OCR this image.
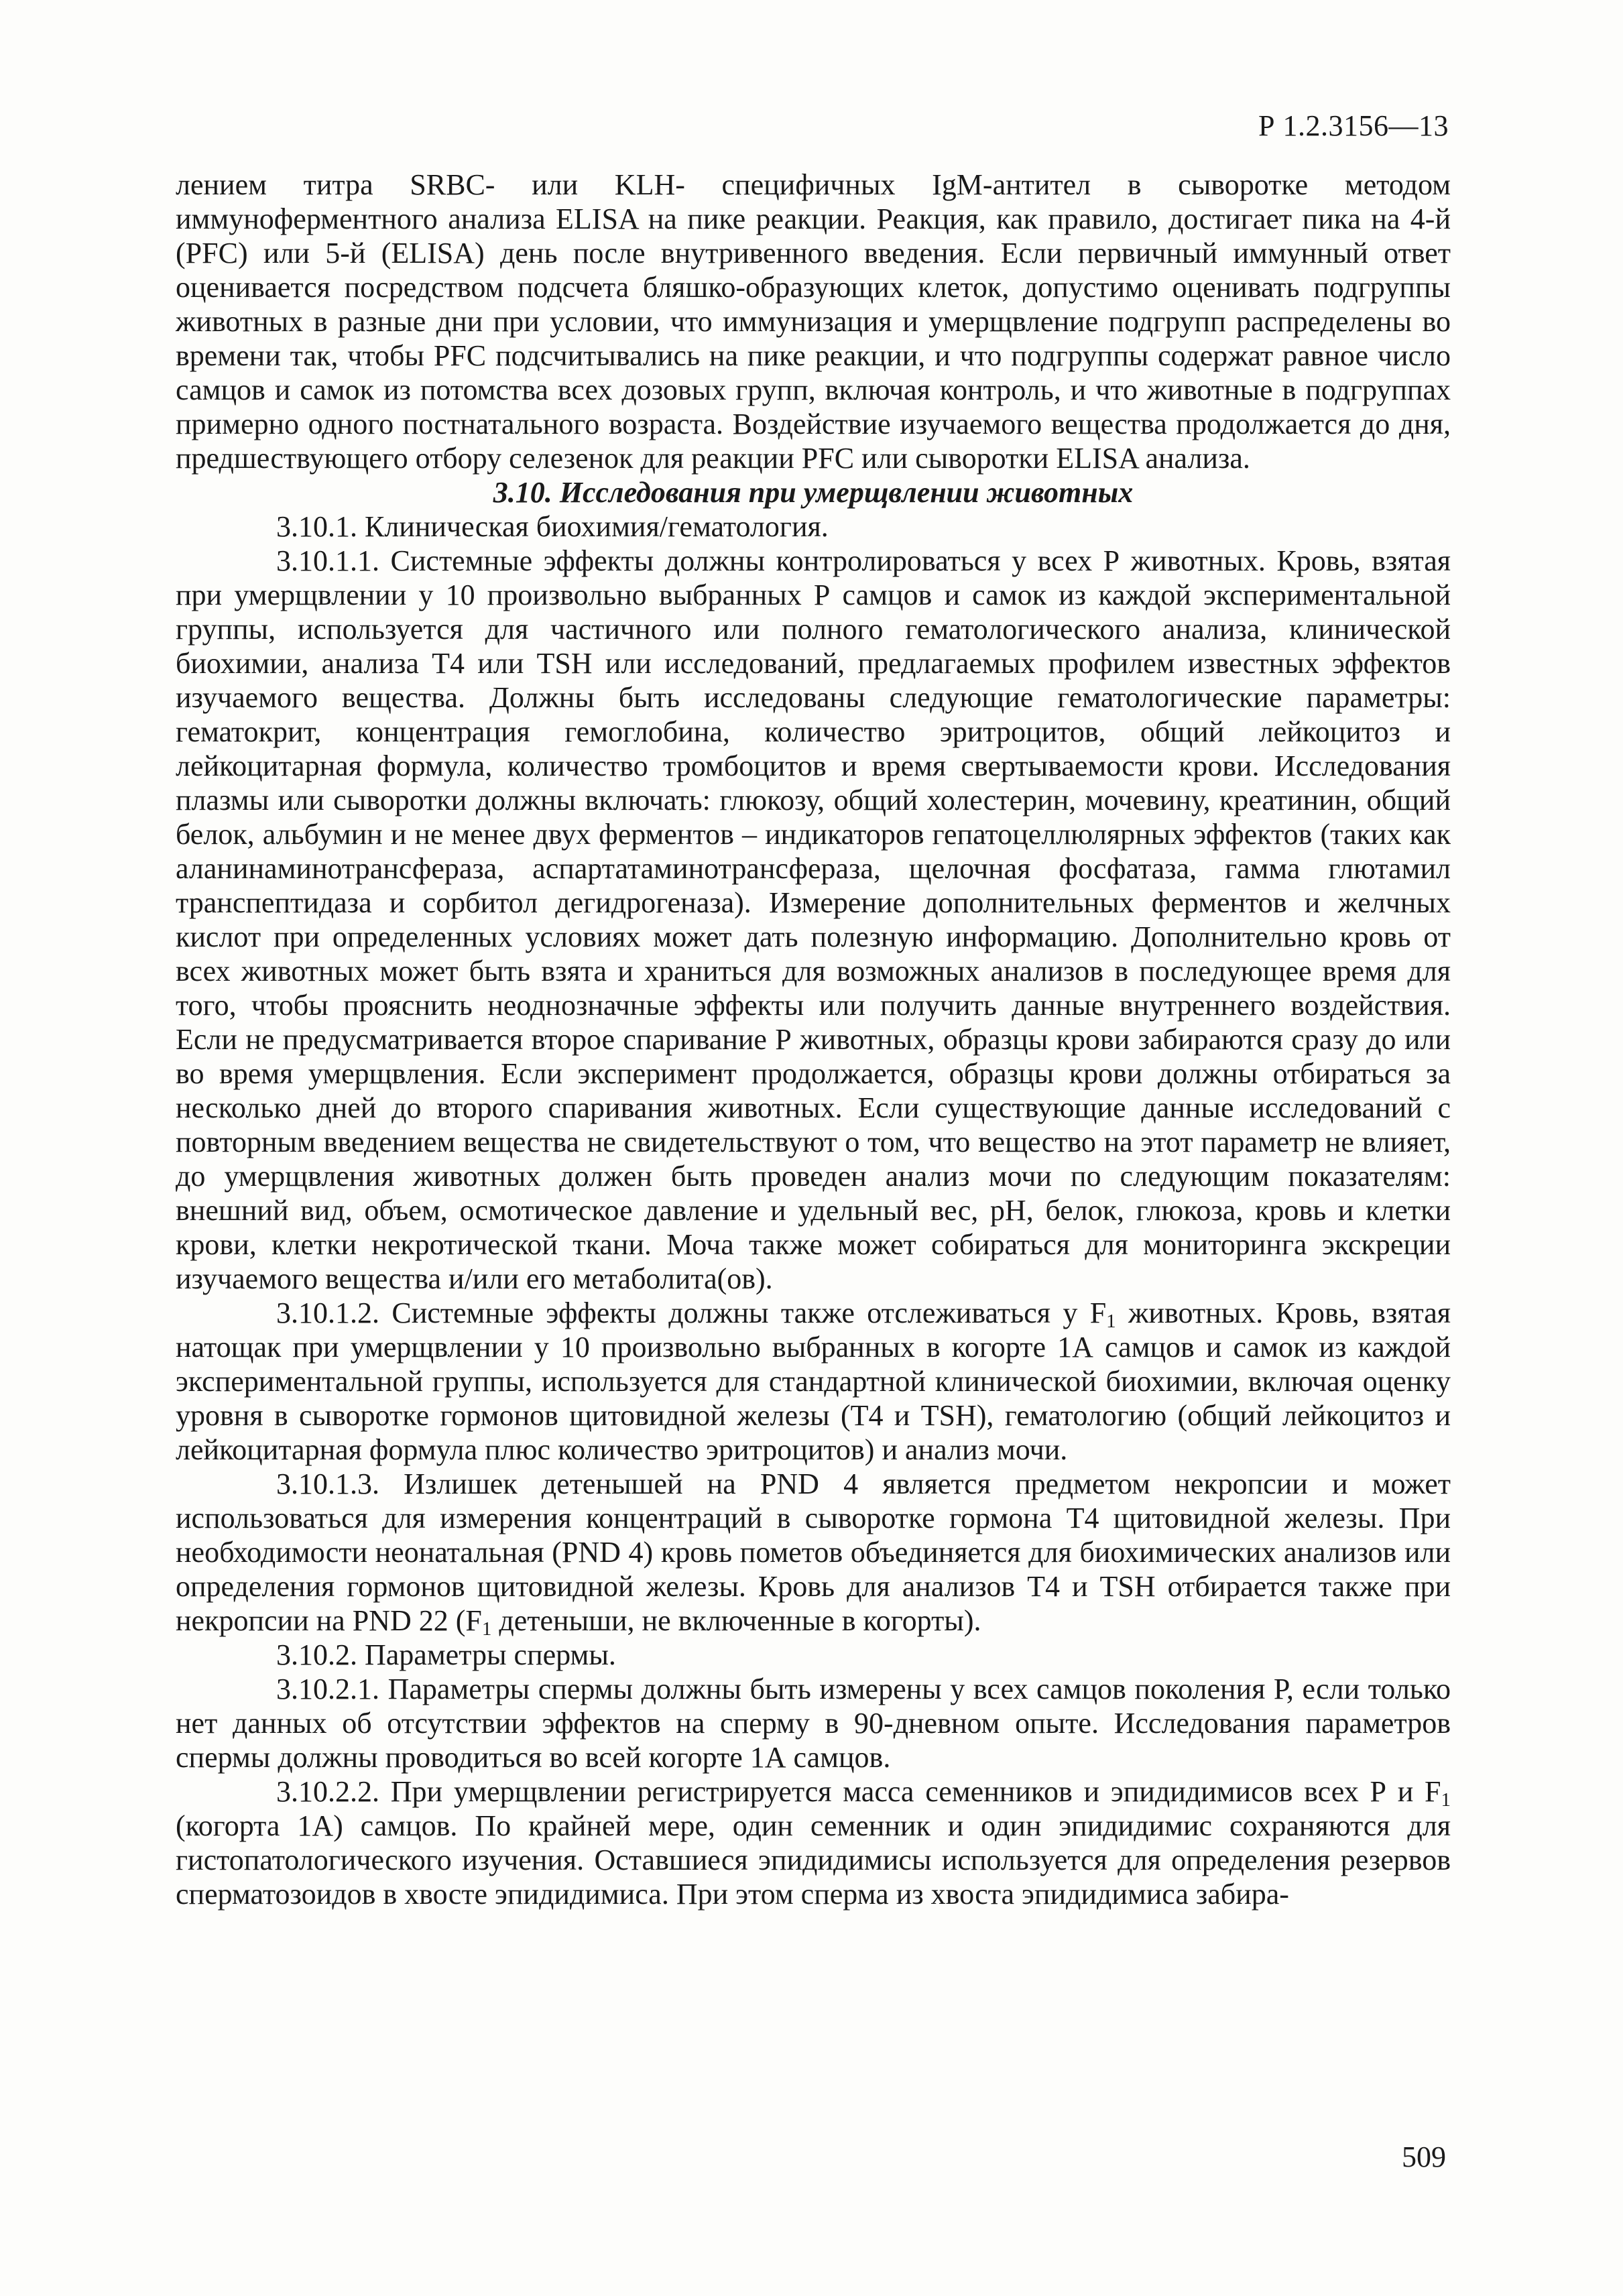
Р 1.2.3156—13

лением титра SRBC- или KLH- специфичных IgM-антител в сыворотке методом иммуноферментного анализа ELISA на пике реакции. Реакция, как правило, достигает пика на 4-й (PFC) или 5-й (ELISA) день после внутривенного введения. Если первичный иммунный ответ оценивается посредством подсчета бляшко-образующих клеток, допустимо оценивать подгруппы животных в разные дни при условии, что иммунизация и умерщвление подгрупп распределены во времени так, чтобы PFC подсчитывались на пике реакции, и что подгруппы содержат равное число самцов и самок из потомства всех дозовых групп, включая контроль, и что животные в подгруппах примерно одного постнатального возраста. Воздействие изучаемого вещества продолжается до дня, предшествующего отбору селезенок для реакции PFC или сыворотки ELISA анализа.

3.10. Исследования при умерщвлении животных

3.10.1. Клиническая биохимия/гематология.

3.10.1.1. Системные эффекты должны контролироваться у всех Р животных. Кровь, взятая при умерщвлении у 10 произвольно выбранных Р самцов и самок из каждой экспериментальной группы, используется для частичного или полного гематологического анализа, клинической биохимии, анализа T4 или TSH или исследований, предлагаемых профилем известных эффектов изучаемого вещества. Должны быть исследованы следующие гематологические параметры: гематокрит, концентрация гемоглобина, количество эритроцитов, общий лейкоцитоз и лейкоцитарная формула, количество тромбоцитов и время свертываемости крови. Исследования плазмы или сыворотки должны включать: глюкозу, общий холестерин, мочевину, креатинин, общий белок, альбумин и не менее двух ферментов – индикаторов гепатоцеллюлярных эффектов (таких как аланинаминотрансфераза, аспартатаминотрансфераза, щелочная фосфатаза, гамма глютамил транспептидаза и сорбитол дегидрогеназа). Измерение дополнительных ферментов и желчных кислот при определенных условиях может дать полезную информацию. Дополнительно кровь от всех животных может быть взята и храниться для возможных анализов в последующее время для того, чтобы прояснить неоднозначные эффекты или получить данные внутреннего воздействия. Если не предусматривается второе спаривание Р животных, образцы крови забираются сразу до или во время умерщвления. Если эксперимент продолжается, образцы крови должны отбираться за несколько дней до второго спаривания животных. Если существующие данные исследований с повторным введением вещества не свидетельствуют о том, что вещество на этот параметр не влияет, до умерщвления животных должен быть проведен анализ мочи по следующим показателям: внешний вид, объем, осмотическое давление и удельный вес, pH, белок, глюкоза, кровь и клетки крови, клетки некротической ткани. Моча также может собираться для мониторинга экскреции изучаемого вещества и/или его метаболита(ов).

3.10.1.2. Системные эффекты должны также отслеживаться у $F_1$ животных. Кровь, взятая натощак при умерщвлении у 10 произвольно выбранных в когорте 1А самцов и самок из каждой экспериментальной группы, используется для стандартной клинической биохимии, включая оценку уровня в сыворотке гормонов щитовидной железы (T4 и TSH), гематологию (общий лейкоцитоз и лейкоцитарная формула плюс количество эритроцитов) и анализ мочи.

3.10.1.3. Излишек детенышей на PND 4 является предметом некропсии и может использоваться для измерения концентраций в сыворотке гормона T4 щитовидной железы. При необходимости неонатальная (PND 4) кровь пометов объединяется для биохимических анализов или определения гормонов щитовидной железы. Кровь для анализов T4 и TSH отбирается также при некропсии на PND 22 ($F_1$ детеныши, не включенные в когорты).

3.10.2. Параметры спермы.

3.10.2.1. Параметры спермы должны быть измерены у всех самцов поколения Р, если только нет данных об отсутствии эффектов на сперму в 90-дневном опыте. Исследования параметров спермы должны проводиться во всей когорте 1А самцов.

3.10.2.2. При умерщвлении регистрируется масса семенников и эпидидимисов всех Р и $F_1$ (когорта 1А) самцов. По крайней мере, один семенник и один эпидидимис сохраняются для гистопатологического изучения. Оставшиеся эпидидимисы используется для определения резервов сперматозоидов в хвосте эпидидимиса. При этом сперма из хвоста эпидидимиса забира-

509
